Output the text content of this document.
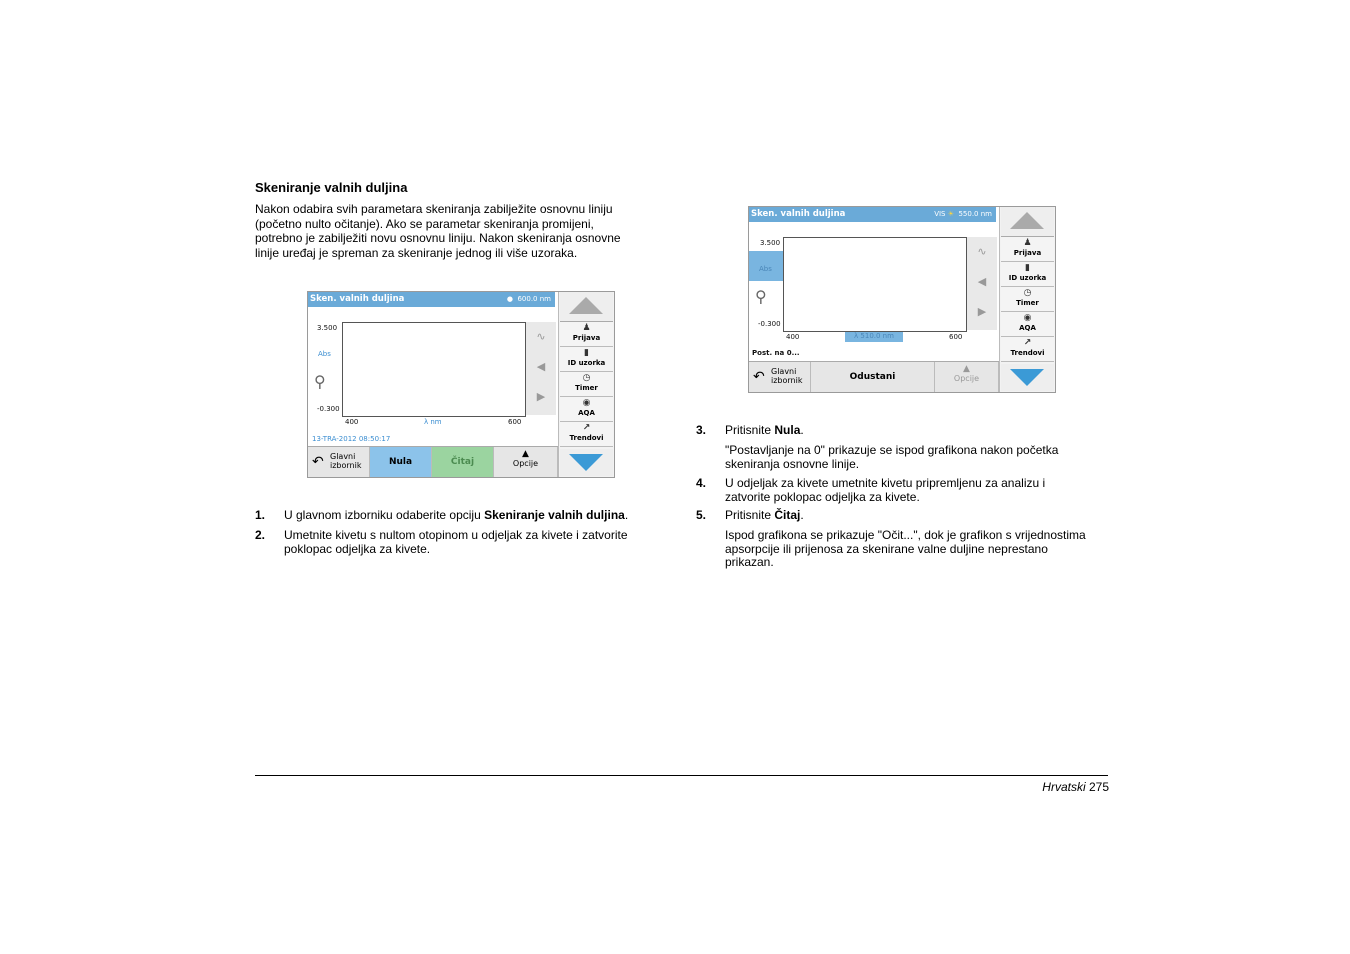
Skeniranje valnih duljina
Nakon odabira svih parametara skeniranja zabilježite osnovnu liniju
(početno nulto očitanje). Ako se parametar skeniranja promijeni,
potrebno je zabilježiti novu osnovnu liniju. Nakon skeniranja osnovne
linije uređaj je spreman za skeniranje jednog ili više uzoraka.
Sken. valnih duljina	●  600.0 nm
3.500
Abs
⚲
-0.300
400	λ nm	600
13-TRA-2012 08:50:17
∿
◀
▶
♟
Prijava
▮
ID uzorka
◷
Timer
◉
AQA
↗
Trendovi
↶ Glavni
izbornik	Nula	Čitaj
▲
Opcije
1. U glavnom izborniku odaberite opciju Skeniranje valnih duljina.
2. Umetnite kivetu s nultom otopinom u odjeljak za kivete i zatvorite
poklopac odjeljka za kivete.
Sken. valnih duljina	VIS ☀ 550.0 nm
3.500
Abs
⚲
-0.300
400	λ 510.0 nm	600
Post. na 0...
∿
◀
▶
♟
Prijava
▮
ID uzorka
◷
Timer
◉
AQA
↗
Trendovi
↶ Glavni
izbornik	Odustani
▲
Opcije
3. Pritisnite Nula.
"Postavljanje na 0" prikazuje se ispod grafikona nakon početka
skeniranja osnovne linije.
4. U odjeljak za kivete umetnite kivetu pripremljenu za analizu i
zatvorite poklopac odjeljka za kivete.
5. Pritisnite Čitaj.
Ispod grafikona se prikazuje "Očit...", dok je grafikon s vrijednostima
apsorpcije ili prijenosa za skenirane valne duljine neprestano
prikazan.
Hrvatski 275
